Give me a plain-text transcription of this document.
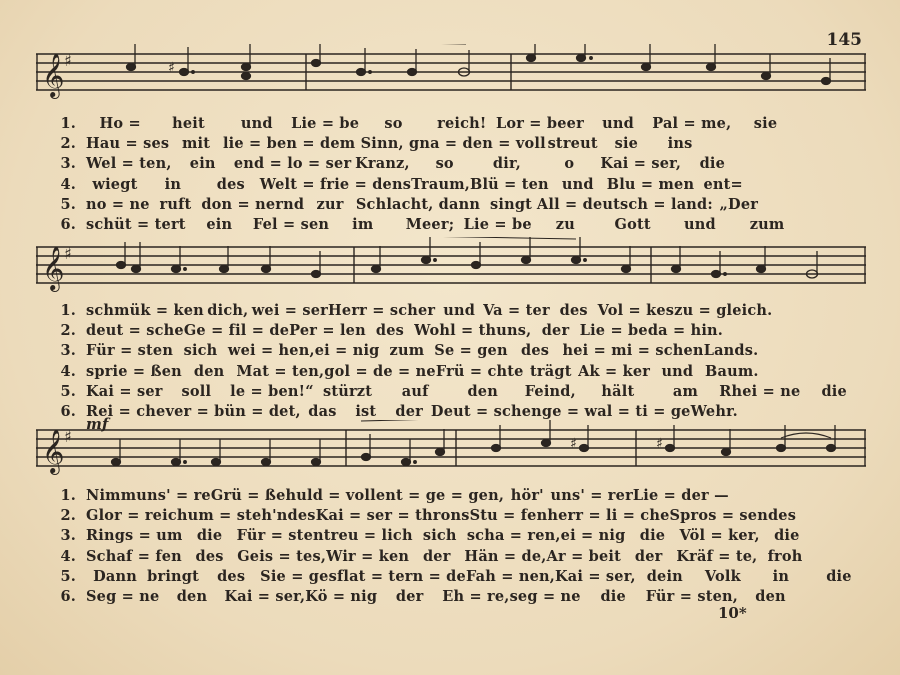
145
𝄞 ♯	♯
1.	Ho =	heit	und	Lie = be	so	reich! Lor = beer	und	Pal = me,	sie
2. Hau = ses mit lie = ben = dem Sinn, gna = den = voll streut	sie	ins
3. Wel = ten,	ein	end = lo = ser Kranz,	so	dir,	o	Kai = ser,	die
4.	wiegt	in	des	Welt = frie = dens Traum, Blü = ten und Blu = men ent=
5. no = ne ruft don = nernd zur Schlacht, dann singt All = deutsch = land: „Der
6. schüt = tert	ein	Fel = sen	im	Meer; Lie = be	zu	Gott	und	zum
𝄞 ♯
1. schmük = ken dich, wei = ser Herr = scher und Va = ter des Vol = kes zu = gleich.
2. deut = sche Ge = fil = de Per = len des Wohl = thuns, der Lie = be da = hin.
3. Für = sten sich wei = hen, ei = nig zum Se = gen des hei = mi = schen Lands.
4. sprie = ßen den Mat = ten, gol = de = ne Frü = chte trägt Ak = ker und Baum.
5. Kai = ser	soll	le = ben!“ stürzt	auf	den	Feind,	hält	am	Rhei = ne	die
6. Rei = che ver = bün = det, das	ist	der Deut = schen ge = wal = ti = ge Wehr.
mf
𝄞 ♯	♯	♯
1. Nimm uns' = re Grü = ße huld = voll ent = ge = gen, hör' uns' = rer Lie = der —
2. Glor = reich um = steh'n des Kai = ser = throns Stu = fen herr = li = che Spros = sen des
3. Rings = um die Für = sten treu = lich sich scha = ren, ei = nig die Völ = ker, die
4. Schaf = fen des Geis = tes, Wir = ken der Hän = de, Ar = beit der Kräf = te, froh
5.	Dann bringt	des	Sie = ges flat = tern = de Fah = nen, Kai = ser, dein	Volk	in	die
6. Seg = ne	den	Kai = ser, Kö = nig	der	Eh = re, seg = ne	die	Für = sten,	den
10*
